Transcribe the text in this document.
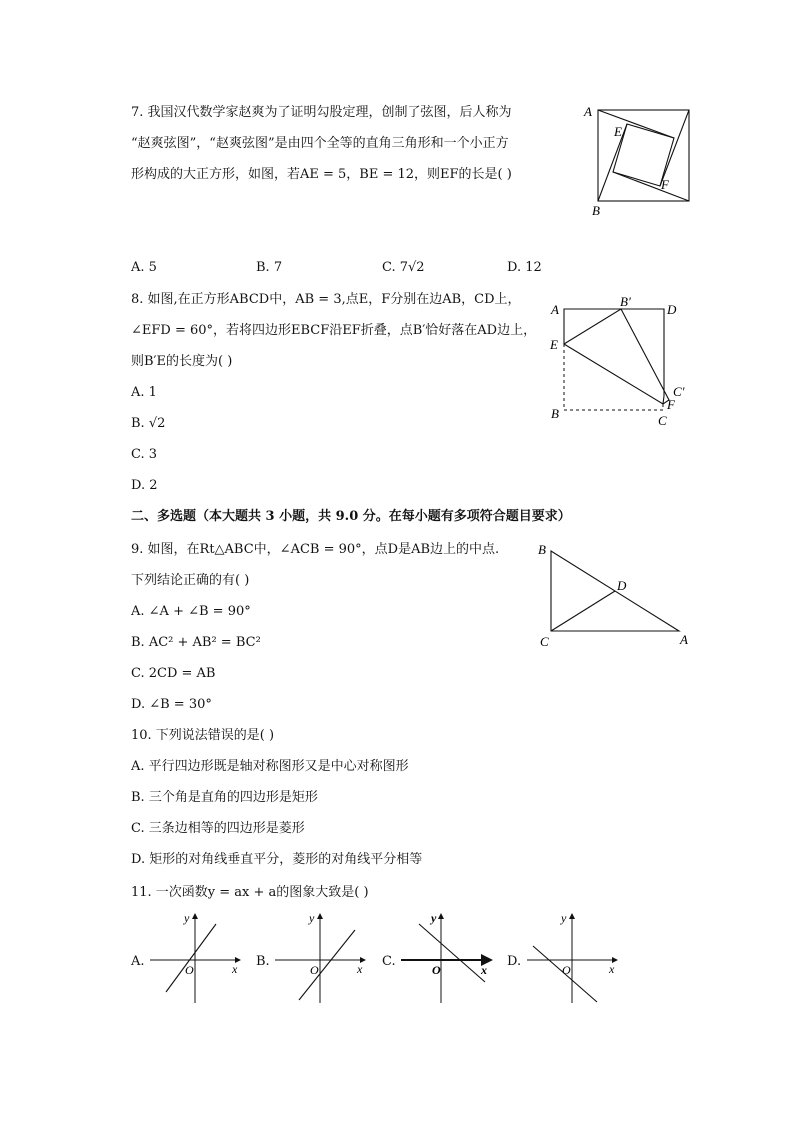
7. 我国汉代数学家赵爽为了证明勾股定理，创制了弦图，后人称为
“赵爽弦图”，“赵爽弦图”是由四个全等的直角三角形和一个小正方
形构成的大正方形，如图，若AE = 5，BE = 12，则EF的长是( )
A
E
F
B
A. 5	B. 7	C. 7√2	D. 12
8. 如图,在正方形ABCD中，AB = 3,点E，F分别在边AB，CD上，
∠EFD = 60°，若将四边形EBCF沿EF折叠，点B′恰好落在AD边上，
则B′E的长度为( )
A. 1
B. √2
C. 3
D. 2
A
B′
D
E
C′
F
B	C
二、多选题（本大题共 3 小题，共 9.0 分。在每小题有多项符合题目要求）
9. 如图，在Rt△ABC中，∠ACB = 90°，点D是AB边上的中点.
下列结论正确的有( )
A. ∠A + ∠B = 90°
B. AC² + AB² = BC²
C. 2CD = AB
D. ∠B = 30°
B
D
C	A
10. 下列说法错误的是( )
A. 平行四边形既是轴对称图形又是中心对称图形
B. 三个角是直角的四边形是矩形
C. 三条边相等的四边形是菱形
D. 矩形的对角线垂直平分，菱形的对角线平分相等
11. 一次函数y = ax + a的图象大致是( )
A.
y
O	x B.
y
O	x C.
y
O	x
D.
y
O	x
